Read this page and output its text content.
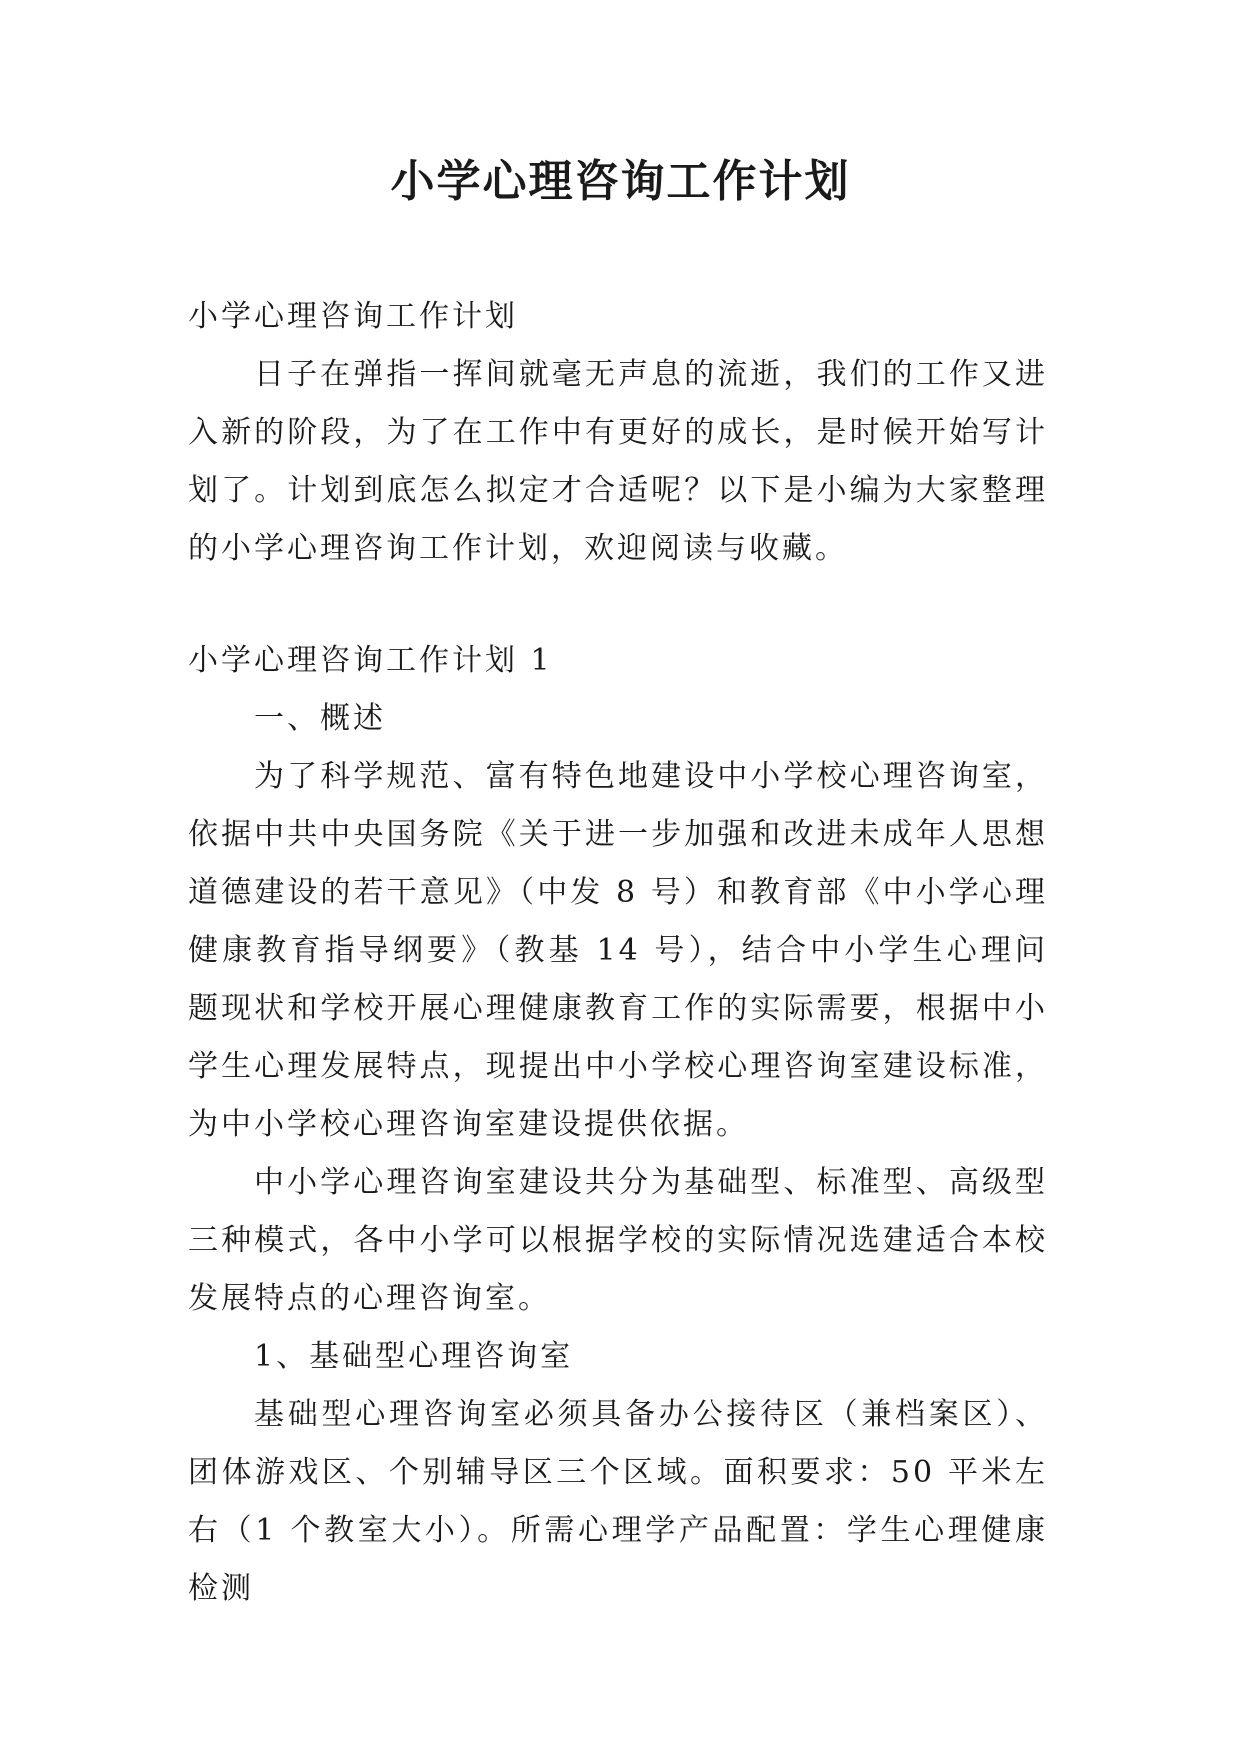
小学心理咨询工作计划

小学心理咨询工作计划

日子在弹指一挥间就毫无声息的流逝，我们的工作又进入新的阶段，为了在工作中有更好的成长，是时候开始写计划了。计划到底怎么拟定才合适呢？以下是小编为大家整理的小学心理咨询工作计划，欢迎阅读与收藏。

小学心理咨询工作计划 1

一、概述

为了科学规范、富有特色地建设中小学校心理咨询室，依据中共中央国务院《关于进一步加强和改进未成年人思想道德建设的若干意见》（中发 8 号）和教育部《中小学心理健康教育指导纲要》（教基 14 号），结合中小学生心理问题现状和学校开展心理健康教育工作的实际需要，根据中小学生心理发展特点，现提出中小学校心理咨询室建设标准，为中小学校心理咨询室建设提供依据。

中小学心理咨询室建设共分为基础型、标准型、高级型三种模式，各中小学可以根据学校的实际情况选建适合本校发展特点的心理咨询室。

1、基础型心理咨询室

基础型心理咨询室必须具备办公接待区（兼档案区）、团体游戏区、个别辅导区三个区域。面积要求：50 平米左右（1 个教室大小）。所需心理学产品配置：学生心理健康检测
